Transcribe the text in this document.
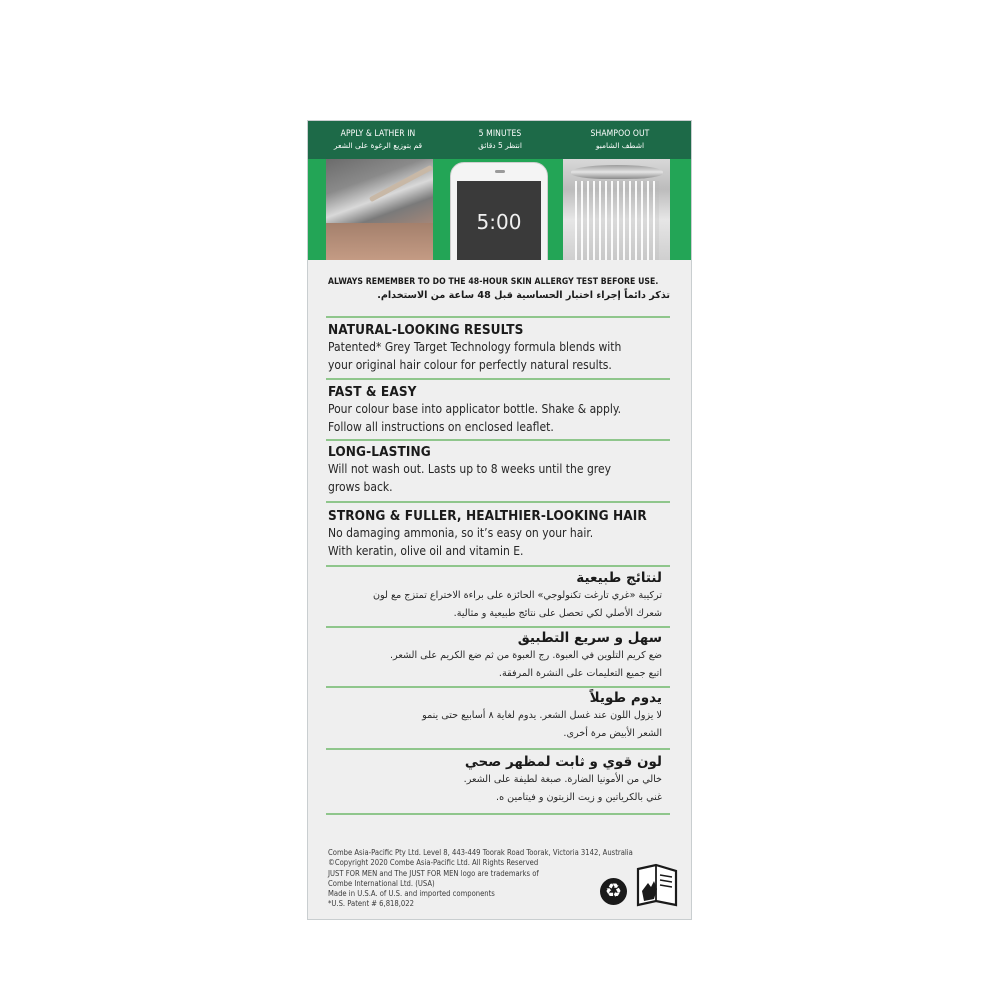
APPLY & LATHER IN
قم بتوزيع الرغوة على الشعر
5 MINUTES
انتظر 5 دقائق
SHAMPOO OUT
اشطف الشامبو
5:00
ALWAYS REMEMBER TO DO THE 48-HOUR SKIN ALLERGY TEST BEFORE USE.
تذكر دائماً إجراء اختبار الحساسية قبل 48 ساعة من الاستخدام.
NATURAL-LOOKING RESULTS
Patented* Grey Target Technology formula blends with
your original hair colour for perfectly natural results.
FAST & EASY
Pour colour base into applicator bottle. Shake & apply.
Follow all instructions on enclosed leaflet.
LONG-LASTING
Will not wash out. Lasts up to 8 weeks until the grey
grows back.
STRONG & FULLER, HEALTHIER-LOOKING HAIR
No damaging ammonia, so it’s easy on your hair.
With keratin, olive oil and vitamin E.
لنتائج طبيعية
تركيبة «غري تارغت تكنولوجي» الحائزة على براءة الاختراع تمتزج مع لون
شعرك الأصلي لكي تحصل على نتائج طبيعية و مثالية.
سهل و سريع التطبيق
ضع كريم التلوين في العبوة. رج العبوة من ثم ضع الكريم على الشعر.
اتبع جميع التعليمات على النشرة المرفقة.
يدوم طويلاً
لا يزول اللون عند غسل الشعر. يدوم لغاية ٨ أسابيع حتى ينمو
الشعر الأبيض مرة أخرى.
لون قوي و ثابت لمظهر صحي
خالي من الأمونيا الضارة. صبغة لطيفة على الشعر.
غني بالكرياتين و زيت الزيتون و فيتامين ه.
Combe Asia-Pacific Pty Ltd. Level 8, 443-449 Toorak Road Toorak, Victoria 3142, Australia
©Copyright 2020 Combe Asia-Pacific Ltd. All Rights Reserved
JUST FOR MEN and The JUST FOR MEN logo are trademarks of
Combe International Ltd. (USA)
Made in U.S.A. of U.S. and imported components
*U.S. Patent # 6,818,022
♻
